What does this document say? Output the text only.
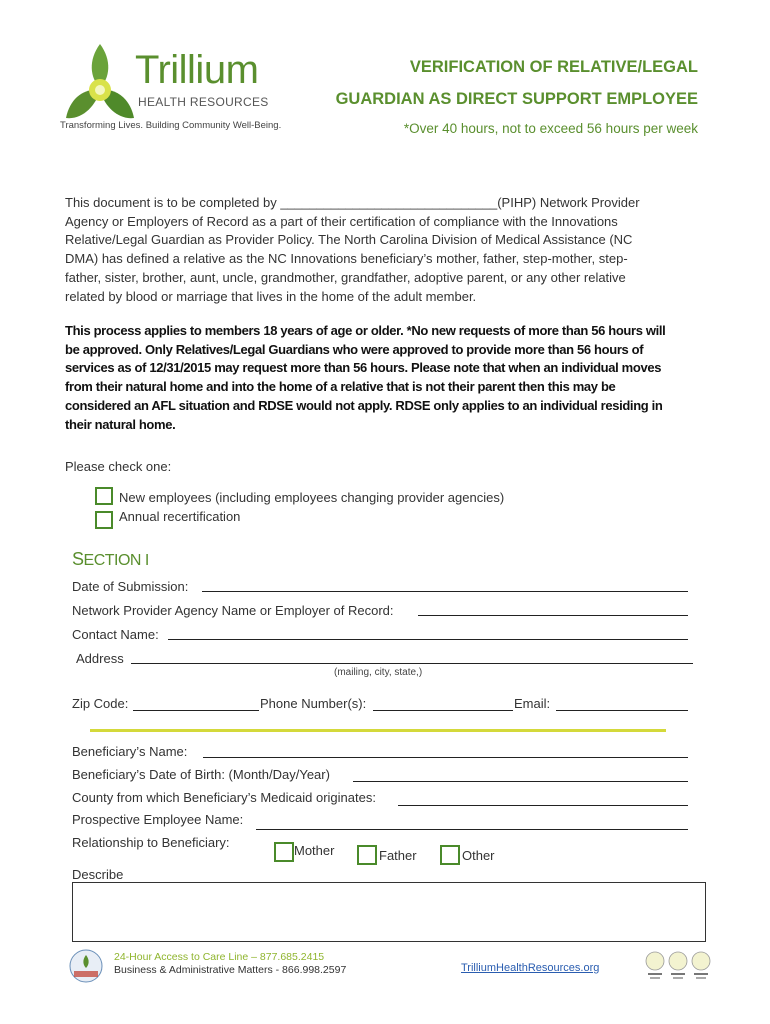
Trillium
HEALTH RESOURCES
Transforming Lives. Building Community Well-Being.
VERIFICATION OF RELATIVE/LEGAL
GUARDIAN AS DIRECT SUPPORT EMPLOYEE
*Over 40 hours, not to exceed 56 hours per week
This document is to be completed by ______________________________(PIHP) Network Provider
Agency or Employers of Record as a part of their certification of compliance with the Innovations
Relative/Legal Guardian as Provider Policy. The North Carolina Division of Medical Assistance (NC
DMA) has defined a relative as the NC Innovations beneficiary’s mother, father, step-mother, step-
father, sister, brother, aunt, uncle, grandmother, grandfather, adoptive parent, or any other relative
related by blood or marriage that lives in the home of the adult member.
This process applies to members 18 years of age or older. *No new requests of more than 56 hours will
be approved. Only Relatives/Legal Guardians who were approved to provide more than 56 hours of
services as of 12/31/2015 may request more than 56 hours. Please note that when an individual moves
from their natural home and into the home of a relative that is not their parent then this may be
considered an AFL situation and RDSE would not apply. RDSE only applies to an individual residing in
their natural home.
Please check one:
New employees (including employees changing provider agencies)
Annual recertification
SECTION I
Date of Submission:
Network Provider Agency Name or Employer of Record:
Contact Name:
Address
(mailing, city, state,)
Zip Code:	Phone Number(s):	Email:
Beneficiary’s Name:
Beneficiary’s Date of Birth: (Month/Day/Year)
County from which Beneficiary’s Medicaid originates:
Prospective Employee Name:
Relationship to Beneficiary:
Mother	Father	Other
Describe
24-Hour Access to Care Line – 877.685.2415
Business & Administrative Matters - 866.998.2597	TrilliumHealthResources.org
